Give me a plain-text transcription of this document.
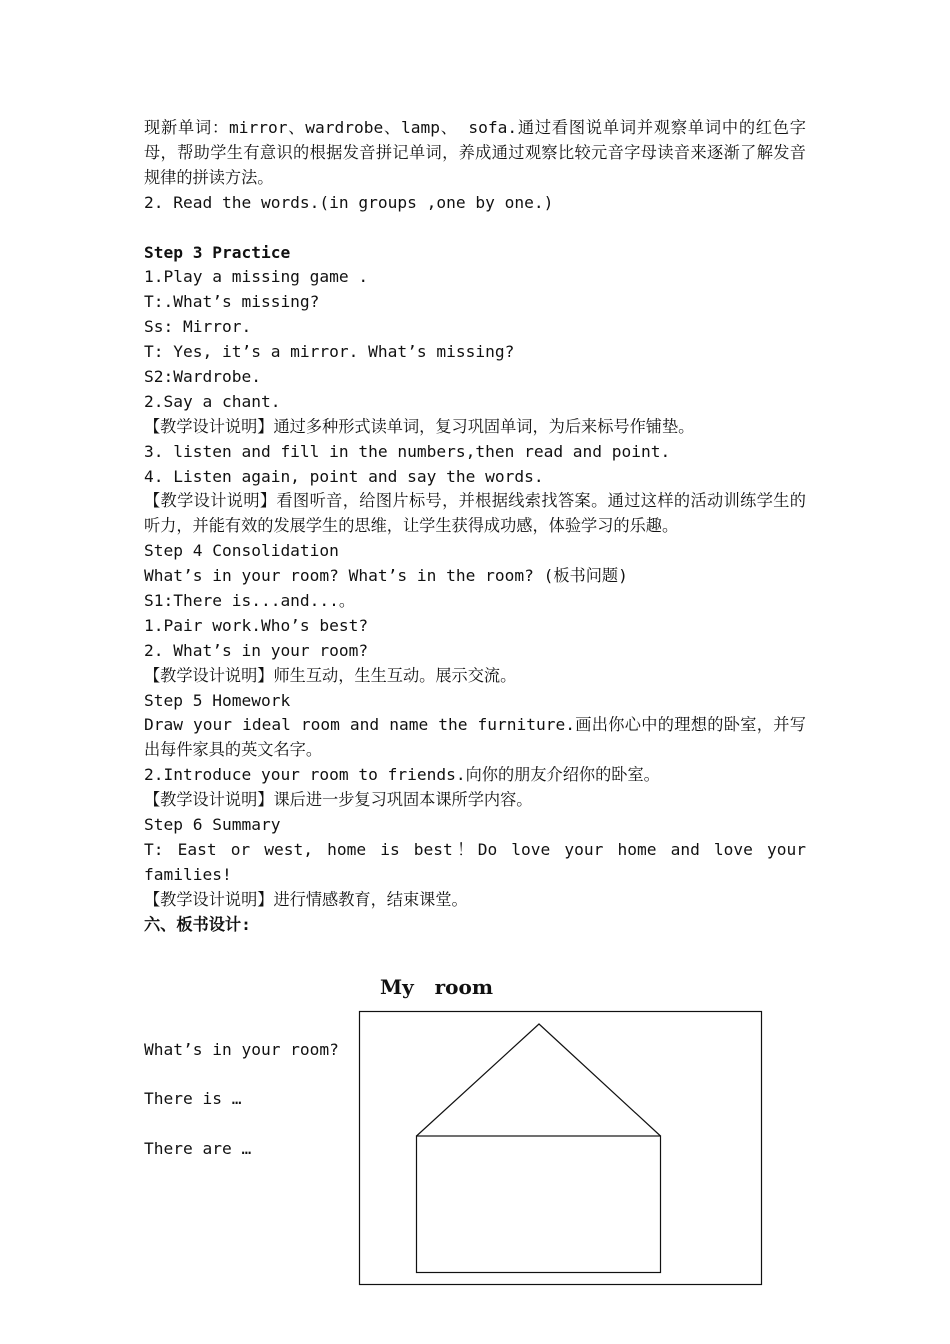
现新单词：mirror、wardrobe、lamp、 sofa.通过看图说单词并观察单词中的红色字母，帮助学生有意识的根据发音拼记单词，养成通过观察比较元音字母读音来逐渐了解发音规律的拼读方法。
2. Read the words.(in groups ,one by one.)
Step 3 Practice
1.Play a missing game .
T:.What’s missing?
Ss: Mirror.
T: Yes, it’s a mirror. What’s missing?
S2:Wardrobe.
2.Say a chant.
【教学设计说明】通过多种形式读单词，复习巩固单词，为后来标号作铺垫。
3. listen and fill in the numbers,then read and point.
4. Listen again, point and say the words.
【教学设计说明】看图听音，给图片标号，并根据线索找答案。通过这样的活动训练学生的听力，并能有效的发展学生的思维，让学生获得成功感，体验学习的乐趣。
Step 4 Consolidation
What’s in your room? What’s in the room? (板书问题)
S1:There is...and...。
1.Pair work.Who’s best?
2. What’s in your room?
【教学设计说明】师生互动，生生互动。展示交流。
Step 5 Homework
Draw your ideal room and name the furniture.画出你心中的理想的卧室，并写出每件家具的英文名字。
2.Introduce your room to friends.向你的朋友介绍你的卧室。
【教学设计说明】课后进一步复习巩固本课所学内容。
Step 6 Summary
T: East or west, home is best！Do love your home and love your families!
【教学设计说明】进行情感教育，结束课堂。
六、板书设计:
My   room
What’s in your room?
There is …
There are …
